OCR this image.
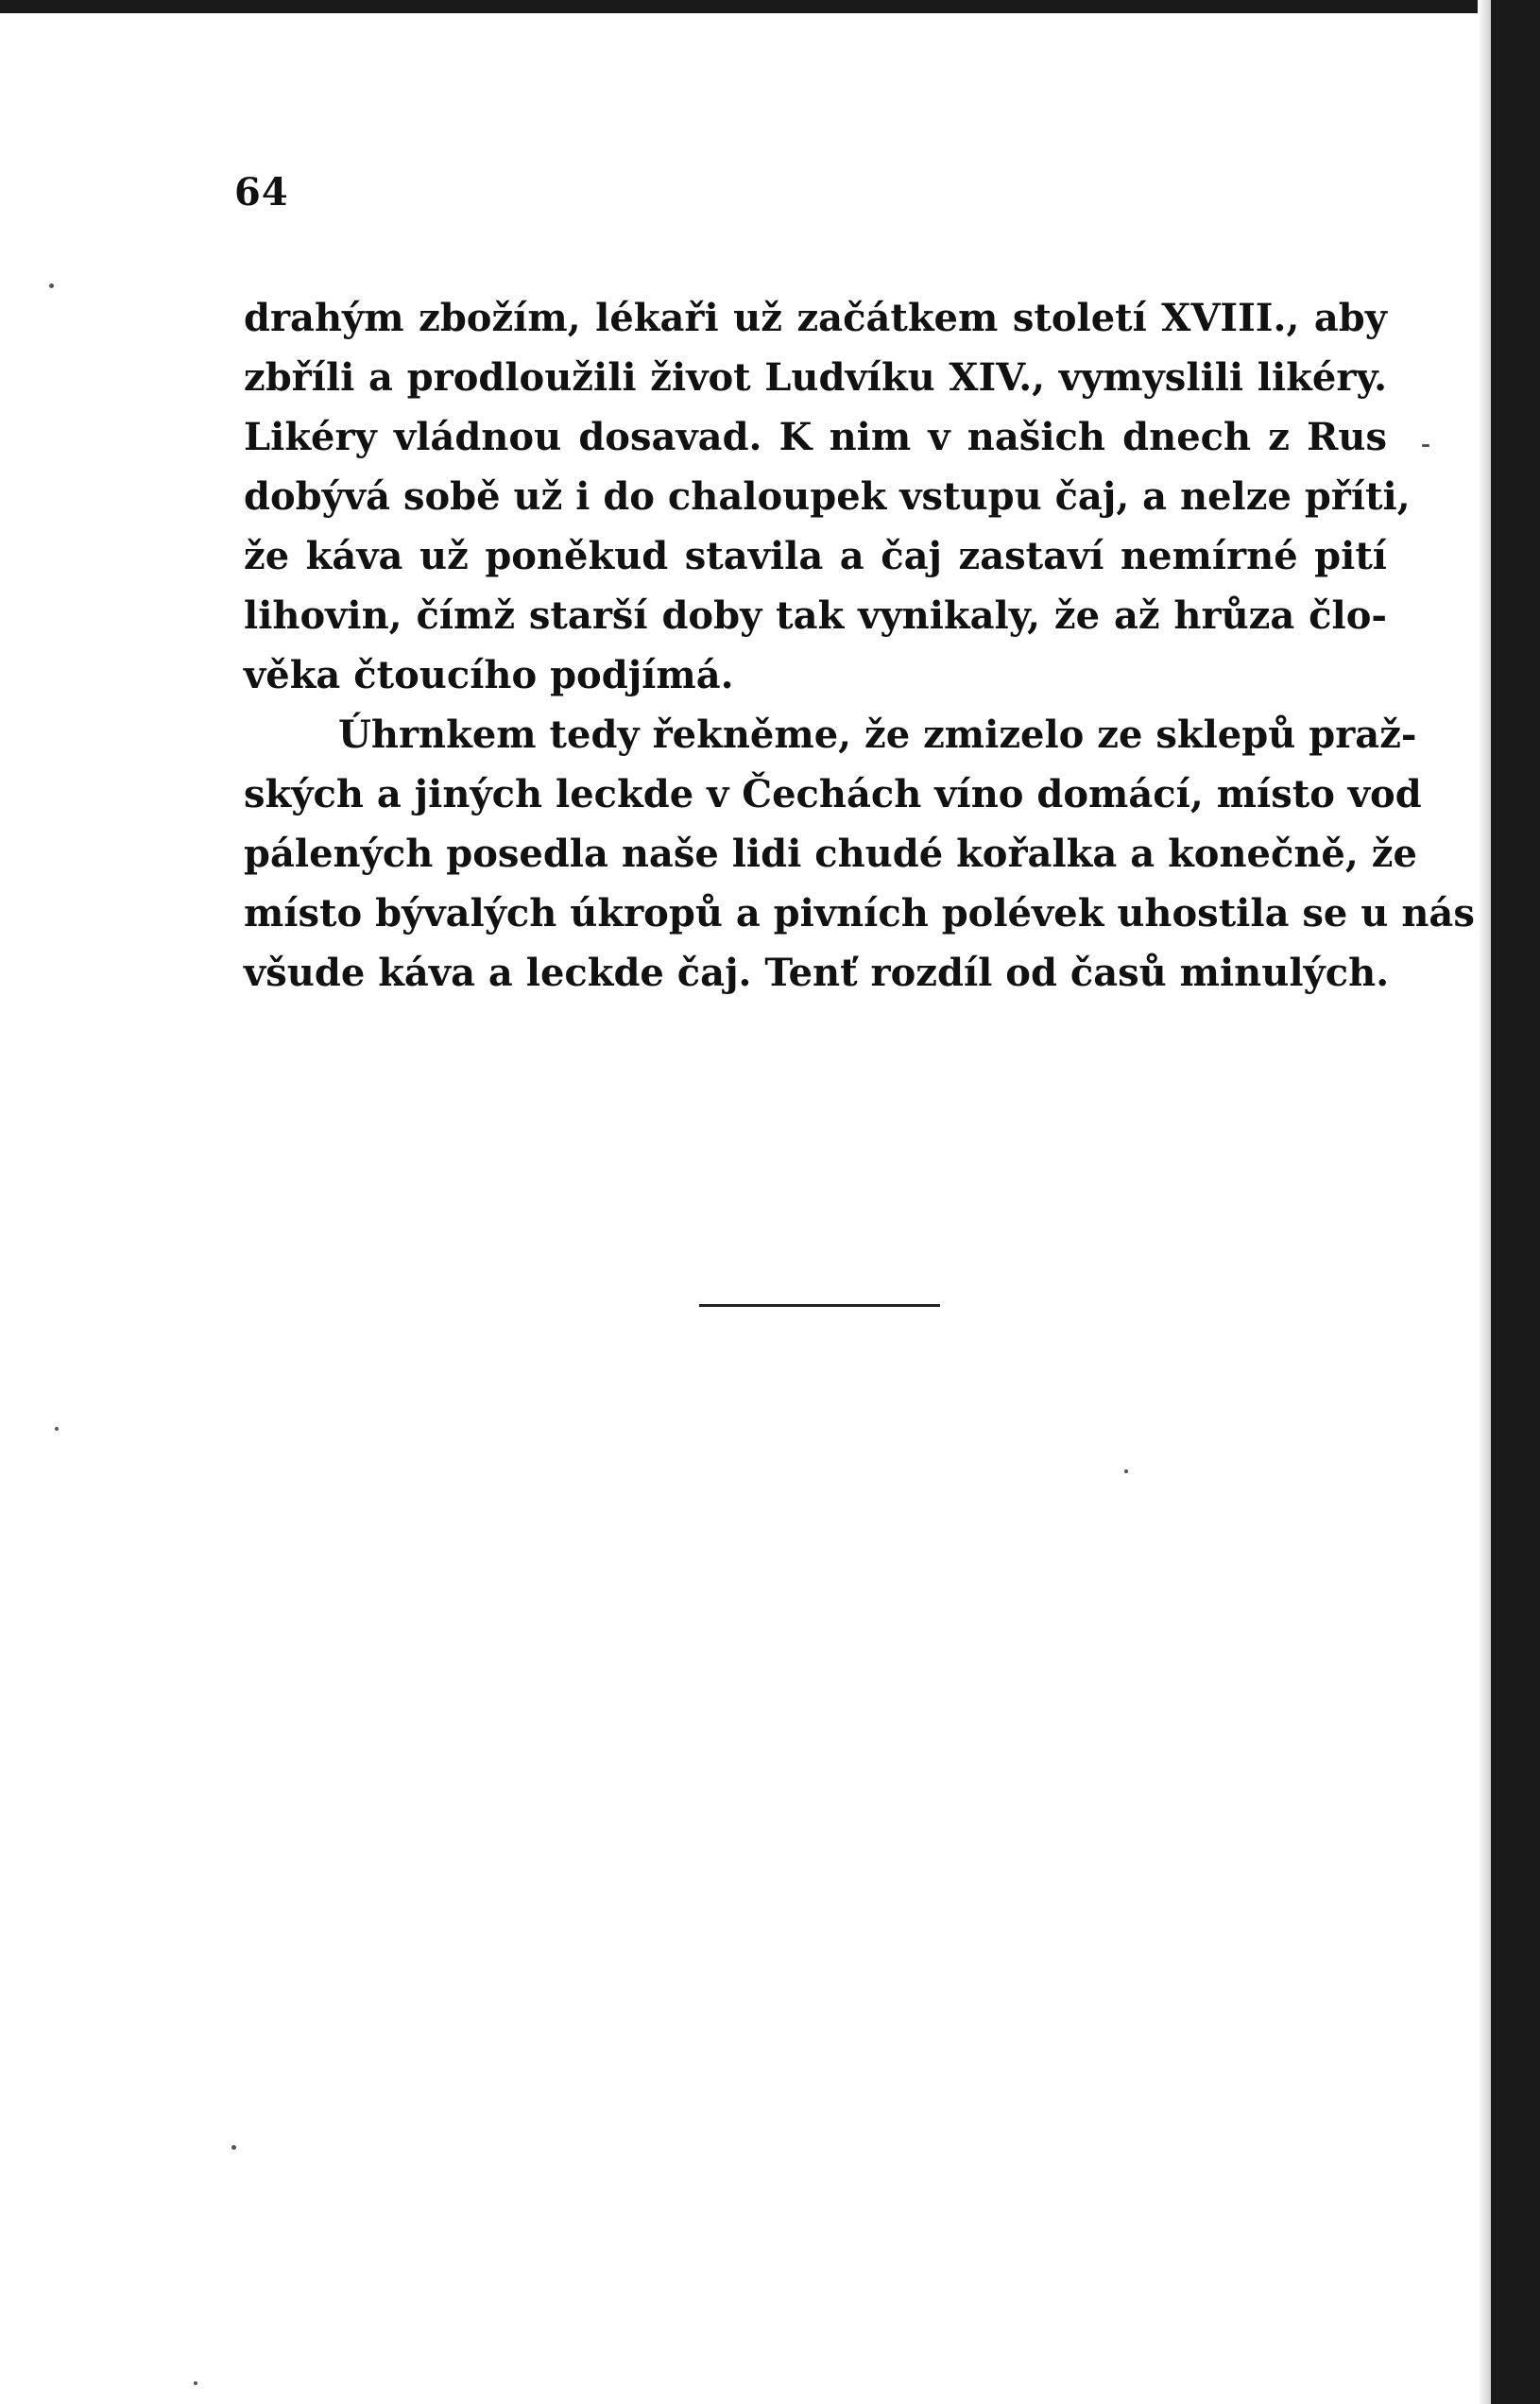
64
drahým zbožím, lékaři už začátkem století XVIII., aby
zbříli a prodloužili život Ludvíku XIV., vymyslili likéry.
Likéry vládnou dosavad. K nim v našich dnech z Rus
dobývá sobě už i do chaloupek vstupu čaj, a nelze příti,
že káva už poněkud stavila a čaj zastaví nemírné pití
lihovin, čímž starší doby tak vynikaly, že až hrůza člo-
věka čtoucího podjímá.
Úhrnkem tedy řekněme, že zmizelo ze sklepů praž-
ských a jiných leckde v Čechách víno domácí, místo vod
pálených posedla naše lidi chudé kořalka a konečně, že
místo bývalých úkropů a pivních polévek uhostila se u nás
všude káva a leckde čaj. Tenť rozdíl od časů minulých.
